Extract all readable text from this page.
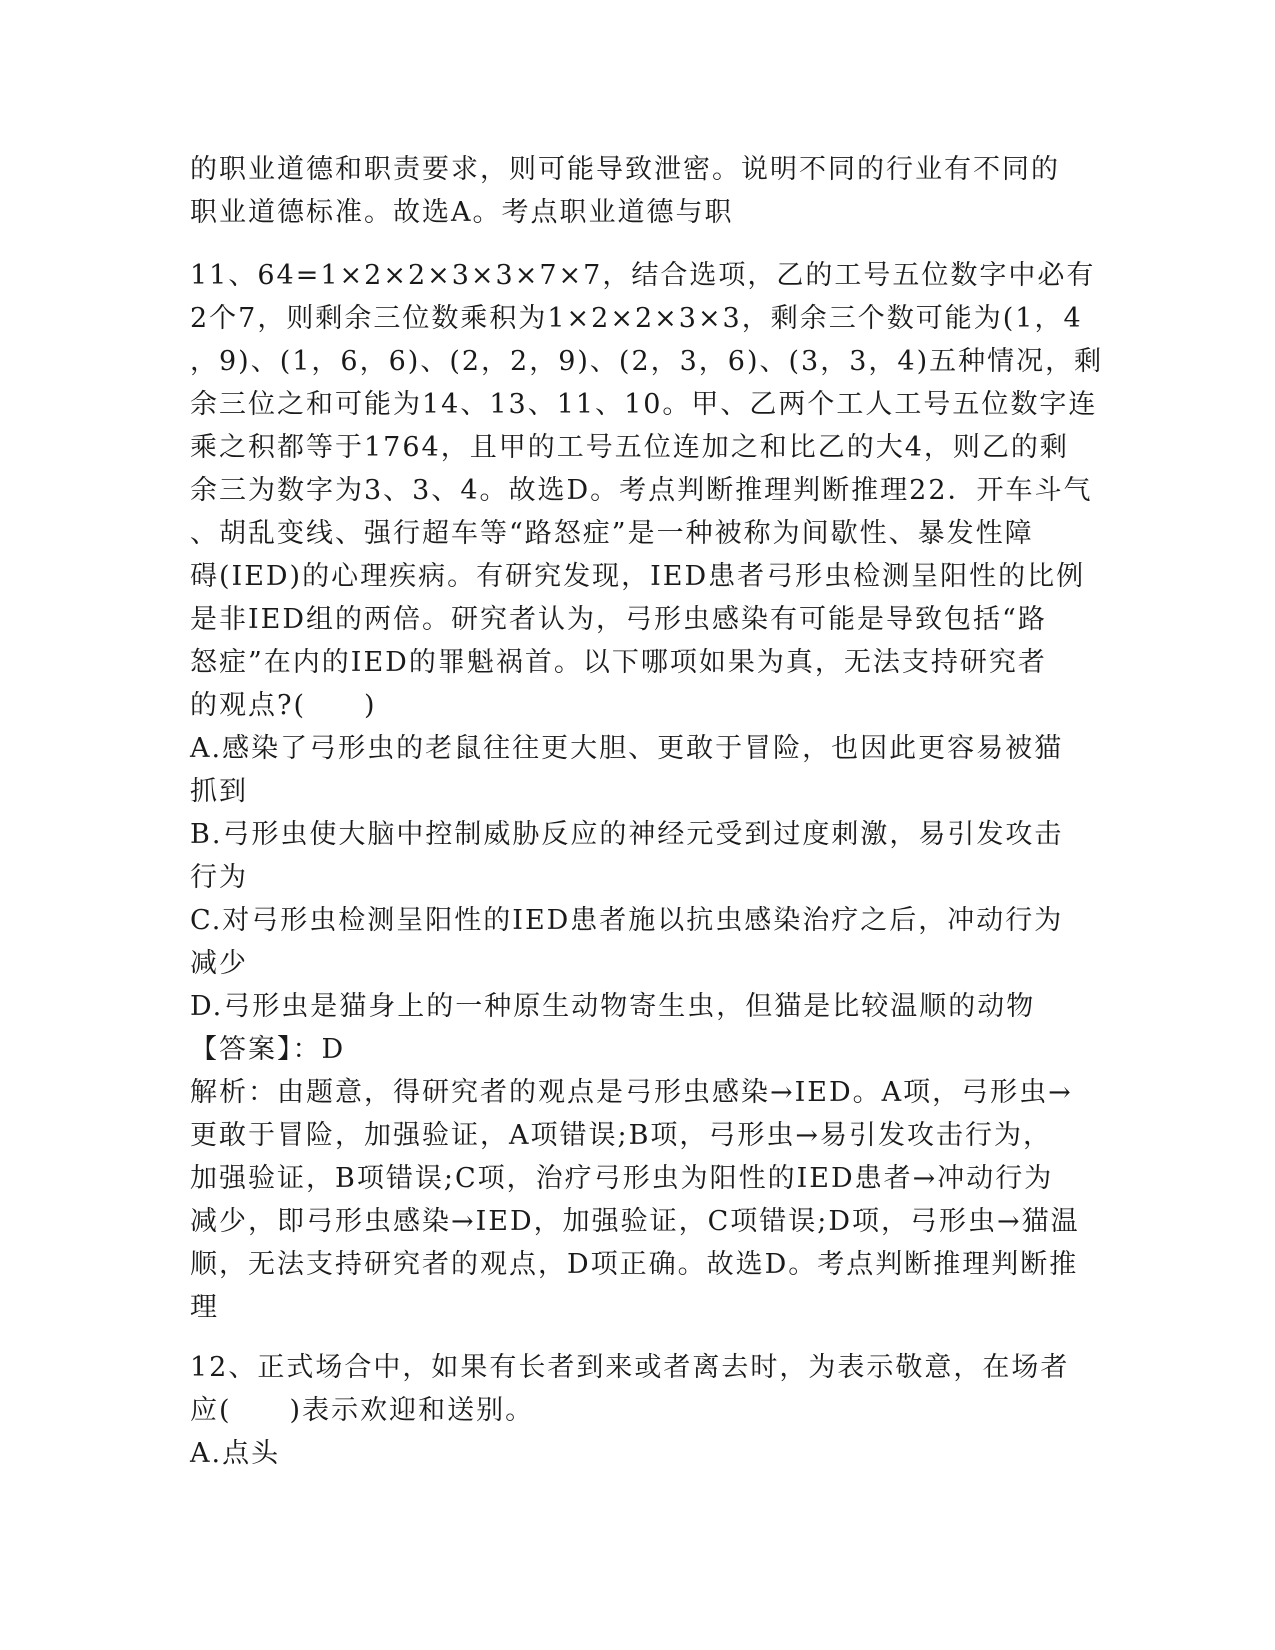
的职业道德和职责要求，则可能导致泄密。说明不同的行业有不同的
职业道德标准。故选A。考点职业道德与职
11、64=1×2×2×3×3×7×7，结合选项，乙的工号五位数字中必有
2个7，则剩余三位数乘积为1×2×2×3×3，剩余三个数可能为(1，4
，9)、(1，6，6)、(2，2，9)、(2，3，6)、(3，3，4)五种情况，剩
余三位之和可能为14、13、11、10。甲、乙两个工人工号五位数字连
乘之积都等于1764，且甲的工号五位连加之和比乙的大4，则乙的剩
余三为数字为3、3、4。故选D。考点判断推理判断推理22．开车斗气
、胡乱变线、强行超车等“路怒症”是一种被称为间歇性、暴发性障
碍(IED)的心理疾病。有研究发现，IED患者弓形虫检测呈阳性的比例
是非IED组的两倍。研究者认为，弓形虫感染有可能是导致包括“路
怒症”在内的IED的罪魁祸首。以下哪项如果为真，无法支持研究者
的观点?(　　)
A.感染了弓形虫的老鼠往往更大胆、更敢于冒险，也因此更容易被猫
抓到
B.弓形虫使大脑中控制威胁反应的神经元受到过度刺激，易引发攻击
行为
C.对弓形虫检测呈阳性的IED患者施以抗虫感染治疗之后，冲动行为
减少
D.弓形虫是猫身上的一种原生动物寄生虫，但猫是比较温顺的动物
【答案】：D
解析：由题意，得研究者的观点是弓形虫感染→IED。A项，弓形虫→
更敢于冒险，加强验证，A项错误;B项，弓形虫→易引发攻击行为，
加强验证，B项错误;C项，治疗弓形虫为阳性的IED患者→冲动行为
减少，即弓形虫感染→IED，加强验证，C项错误;D项，弓形虫→猫温
顺，无法支持研究者的观点，D项正确。故选D。考点判断推理判断推
理
12、正式场合中，如果有长者到来或者离去时，为表示敬意，在场者
应(　　)表示欢迎和送别。
A.点头
